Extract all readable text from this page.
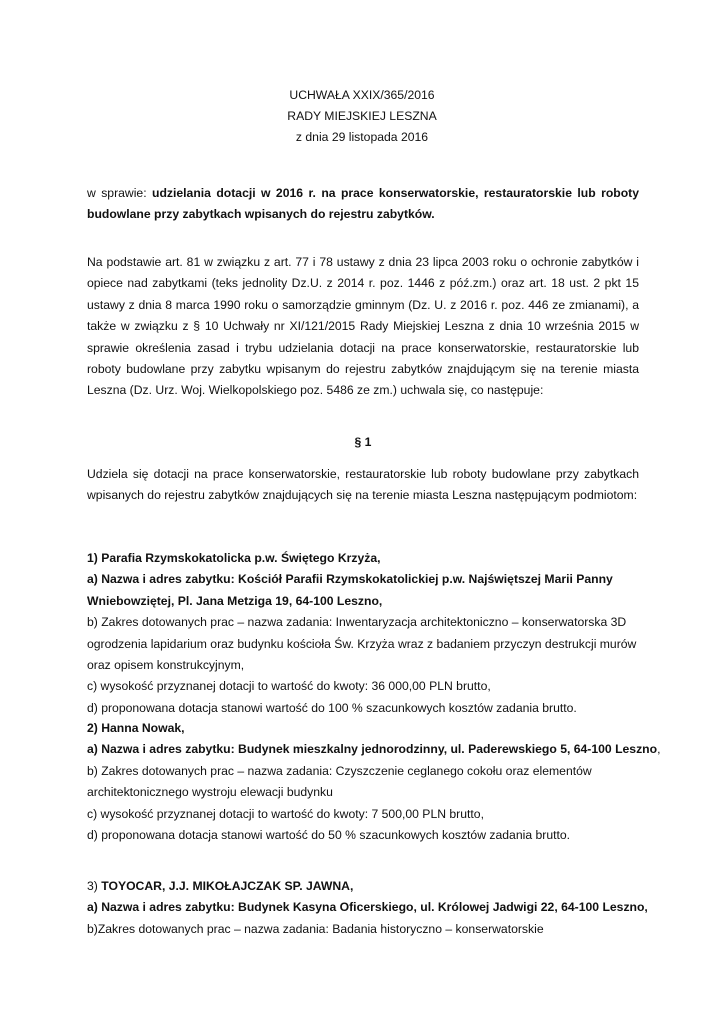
UCHWAŁA XXIX/365/2016
RADY MIEJSKIEJ LESZNA
z dnia 29 listopada 2016
w sprawie: udzielania dotacji w 2016 r. na prace konserwatorskie, restauratorskie lub roboty budowlane przy zabytkach wpisanych do rejestru zabytków.
Na podstawie art. 81 w związku z art. 77 i 78 ustawy z dnia 23 lipca 2003 roku o ochronie zabytków i opiece nad zabytkami (teks jednolity Dz.U. z 2014 r. poz. 1446 z póź.zm.) oraz art. 18 ust. 2 pkt 15 ustawy z dnia 8 marca 1990 roku o samorządzie gminnym (Dz. U. z 2016 r. poz. 446 ze zmianami), a także w związku z § 10 Uchwały nr XI/121/2015 Rady Miejskiej Leszna z dnia 10 września 2015 w sprawie określenia zasad i trybu udzielania dotacji na prace konserwatorskie, restauratorskie lub roboty budowlane przy zabytku wpisanym do rejestru zabytków znajdującym się na terenie miasta Leszna (Dz. Urz. Woj. Wielkopolskiego poz. 5486 ze zm.) uchwala się, co następuje:
§ 1
Udziela się dotacji na prace konserwatorskie, restauratorskie lub roboty budowlane przy zabytkach wpisanych do rejestru zabytków znajdujących się na terenie miasta Leszna następującym podmiotom:
1) Parafia Rzymskokatolicka p.w. Świętego Krzyża,
a) Nazwa i adres zabytku: Kościół Parafii Rzymskokatolickiej p.w. Najświętszej Marii Panny
Wniebowziętej, Pl. Jana Metziga 19, 64-100 Leszno,
b) Zakres dotowanych prac – nazwa zadania: Inwentaryzacja architektoniczno – konserwatorska 3D
ogrodzenia lapidarium oraz budynku kościoła Św. Krzyża wraz z badaniem przyczyn destrukcji murów
oraz opisem konstrukcyjnym,
c) wysokość przyznanej dotacji to wartość do kwoty: 36 000,00 PLN brutto,
d) proponowana dotacja stanowi wartość do 100 % szacunkowych kosztów zadania brutto.
2) Hanna Nowak,
a) Nazwa i adres zabytku: Budynek mieszkalny jednorodzinny, ul. Paderewskiego 5, 64-100 Leszno,
b) Zakres dotowanych prac – nazwa zadania: Czyszczenie ceglanego cokołu oraz elementów
architektonicznego wystroju elewacji budynku
c) wysokość przyznanej dotacji to wartość do kwoty: 7 500,00 PLN brutto,
d) proponowana dotacja stanowi wartość do 50 % szacunkowych kosztów zadania brutto.
3) TOYOCAR, J.J. MIKOŁAJCZAK SP. JAWNA,
a) Nazwa i adres zabytku: Budynek Kasyna Oficerskiego, ul. Królowej Jadwigi 22, 64-100 Leszno,
b)Zakres dotowanych prac – nazwa zadania: Badania historyczno – konserwatorskie
